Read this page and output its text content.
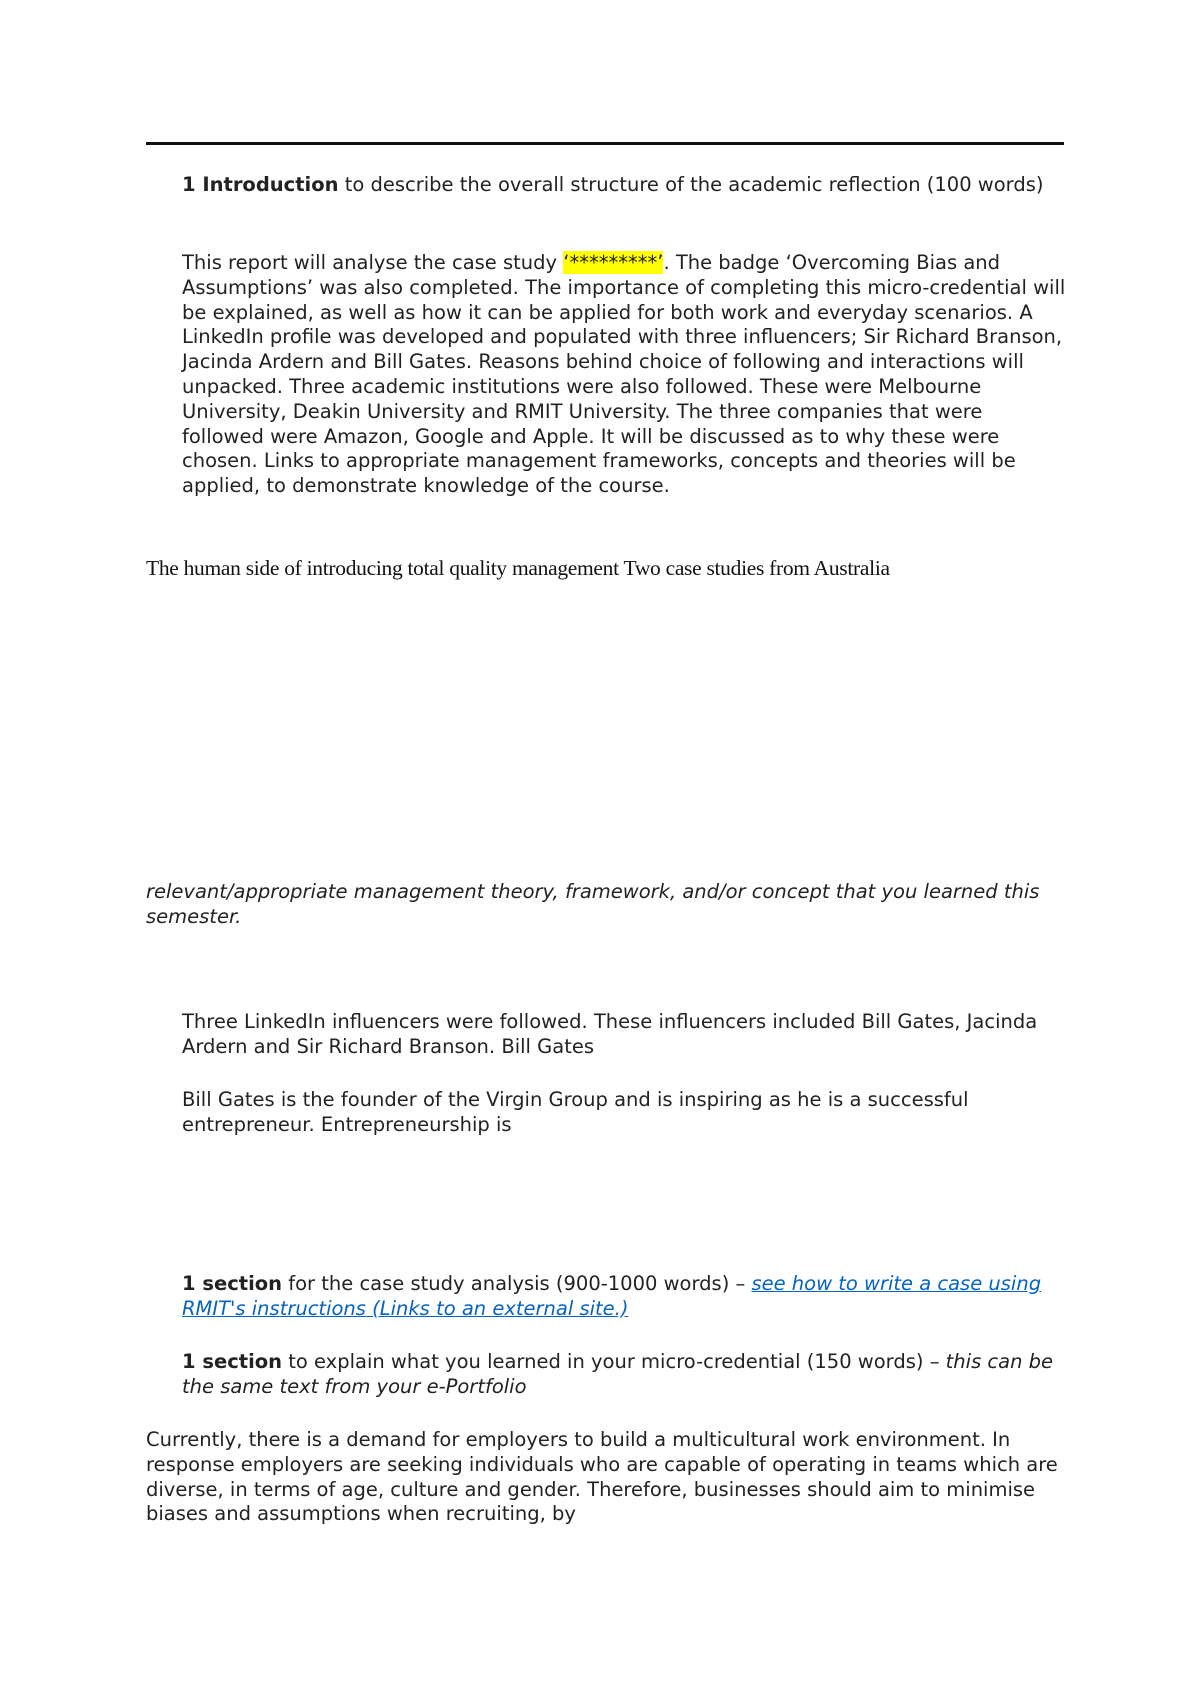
1 Introduction to describe the overall structure of the academic reflection (100 words)

This report will analyse the case study ‘*********’. The badge ‘Overcoming Bias and Assumptions’ was also completed. The importance of completing this micro-credential will be explained, as well as how it can be applied for both work and everyday scenarios. A LinkedIn profile was developed and populated with three influencers; Sir Richard Branson, Jacinda Ardern and Bill Gates. Reasons behind choice of following and interactions will unpacked. Three academic institutions were also followed. These were Melbourne University, Deakin University and RMIT University. The three companies that were followed were Amazon, Google and Apple. It will be discussed as to why these were chosen. Links to appropriate management frameworks, concepts and theories will be applied, to demonstrate knowledge of the course.

The human side of introducing total quality management Two case studies from Australia

relevant/appropriate management theory, framework, and/or concept that you learned this semester.

Three LinkedIn influencers were followed. These influencers included Bill Gates, Jacinda Ardern and Sir Richard Branson. Bill Gates

Bill Gates is the founder of the Virgin Group and is inspiring as he is a successful entrepreneur. Entrepreneurship is

1 section for the case study analysis (900-1000 words) – see how to write a case using RMIT's instructions (Links to an external site.)

1 section to explain what you learned in your micro-credential (150 words) – this can be the same text from your e-Portfolio

Currently, there is a demand for employers to build a multicultural work environment. In response employers are seeking individuals who are capable of operating in teams which are diverse, in terms of age, culture and gender. Therefore, businesses should aim to minimise biases and assumptions when recruiting, by
